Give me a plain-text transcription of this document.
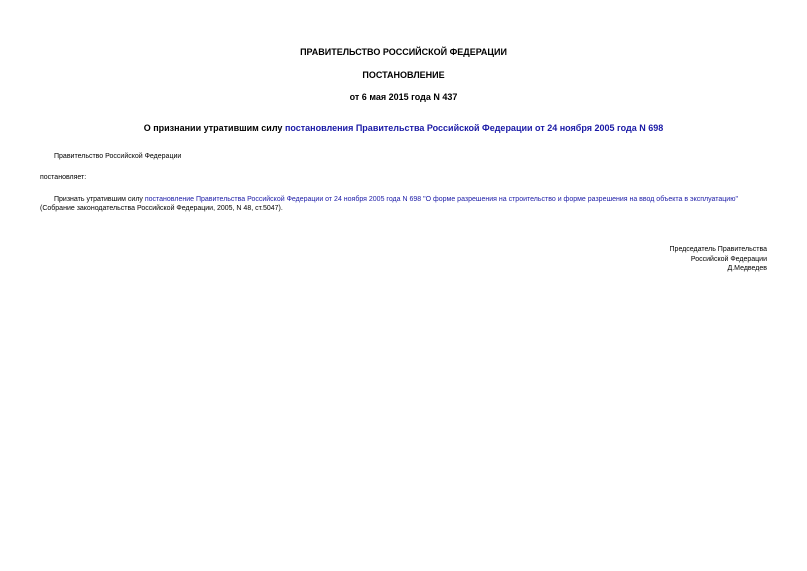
ПРАВИТЕЛЬСТВО РОССИЙСКОЙ ФЕДЕРАЦИИ
ПОСТАНОВЛЕНИЕ
от 6 мая 2015 года N 437
О признании утратившим силу постановления Правительства Российской Федерации от 24 ноября 2005 года N 698
Правительство Российской Федерации
постановляет:
Признать утратившим силу постановление Правительства Российской Федерации от 24 ноября 2005 года N 698 "О форме разрешения на строительство и форме разрешения на ввод объекта в эксплуатацию"
(Собрание законодательства Российской Федерации, 2005, N 48, ст.5047).
Председатель Правительства
Российской Федерации
Д.Медведев
